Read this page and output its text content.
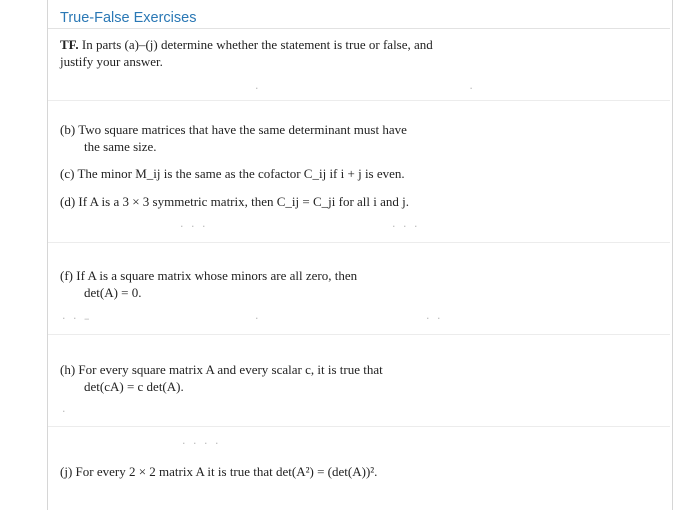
True-False Exercises
TF. In parts (a)–(j) determine whether the statement is true or false, and justify your answer.
·                                      ·
(b) Two square matrices that have the same determinant must have
the same size.
(c) The minor M_ij is the same as the cofactor C_ij if i + j is even.
(d) If A is a 3 × 3 symmetric matrix, then C_ij = C_ji for all i and j.
· · ·	· · ·
(f) If A is a square matrix whose minors are all zero, then
det(A) = 0.
· · –	·	· ·
(h) For every square matrix A and every scalar c, it is true that
det(cA) = c det(A).
·
· · · ·
(j) For every 2 × 2 matrix A it is true that det(A²) = (det(A))².
